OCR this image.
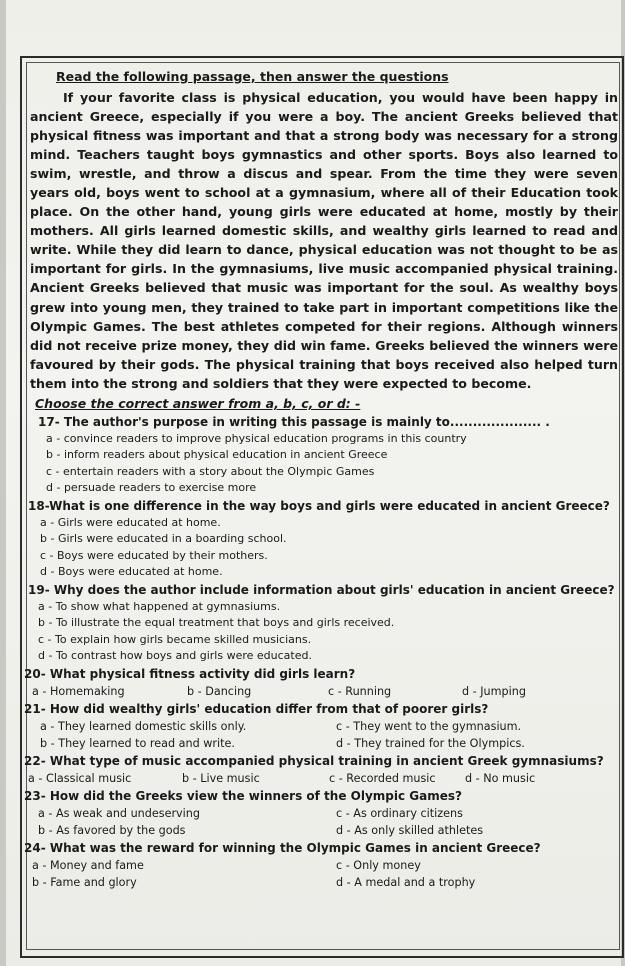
Read the following passage, then answer the questions

If your favorite class is physical education, you would have been happy in ancient Greece, especially if you were a boy. The ancient Greeks believed that physical fitness was important and that a strong body was necessary for a strong mind. Teachers taught boys gymnastics and other sports. Boys also learned to swim, wrestle, and throw a discus and spear. From the time they were seven years old, boys went to school at a gymnasium, where all of their Education took place. On the other hand, young girls were educated at home, mostly by their mothers. All girls learned domestic skills, and wealthy girls learned to read and write. While they did learn to dance, physical education was not thought to be as important for girls. In the gymnasiums, live music accompanied physical training. Ancient Greeks believed that music was important for the soul. As wealthy boys grew into young men, they trained to take part in important competitions like the Olympic Games. The best athletes competed for their regions. Although winners did not receive prize money, they did win fame. Greeks believed the winners were favoured by their gods. The physical training that boys received also helped turn them into the strong and soldiers that they were expected to become.

Choose the correct answer from a, b, c, or d: -
17- The author's purpose in writing this passage is mainly to.................... .
a - convince readers to improve physical education programs in this country
b - inform readers about physical education in ancient Greece
c - entertain readers with a story about the Olympic Games
d - persuade readers to exercise more
18-What is one difference in the way boys and girls were educated in ancient Greece?
a - Girls were educated at home.
b - Girls were educated in a boarding school.
c - Boys were educated by their mothers.
d - Boys were educated at home.
19- Why does the author include information about girls' education in ancient Greece?
a - To show what happened at gymnasiums.
b - To illustrate the equal treatment that boys and girls received.
c - To explain how girls became skilled musicians.
d - To contrast how boys and girls were educated.
20- What physical fitness activity did girls learn?
a - Homemaking	b - Dancing	c - Running	d - Jumping
21- How did wealthy girls' education differ from that of poorer girls?
a - They learned domestic skills only.	c - They went to the gymnasium.
b - They learned to read and write.	d - They trained for the Olympics.
22- What type of music accompanied physical training in ancient Greek gymnasiums?
a - Classical music	b - Live music	c - Recorded music	d - No music
23- How did the Greeks view the winners of the Olympic Games?
a - As weak and undeserving	c - As ordinary citizens
b - As favored by the gods	d - As only skilled athletes
24- What was the reward for winning the Olympic Games in ancient Greece?
a - Money and fame	c - Only money
b - Fame and glory	d - A medal and a trophy
